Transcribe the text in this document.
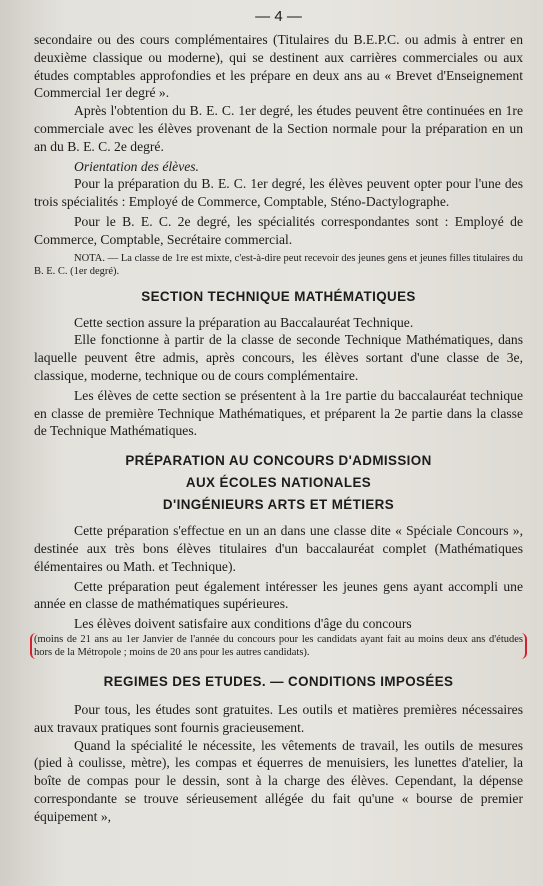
— 4 —

secondaire ou des cours complémentaires (Titulaires du B.E.P.C. ou admis à entrer en deuxième classique ou moderne), qui se destinent aux carrières commerciales ou aux études comptables approfondies et les prépare en deux ans au « Brevet d'Enseignement Commercial 1er degré ».

Après l'obtention du B. E. C. 1er degré, les études peuvent être continuées en 1re commerciale avec les élèves provenant de la Section normale pour la préparation en un an du B. E. C. 2e degré.

Orientation des élèves.

Pour la préparation du B. E. C. 1er degré, les élèves peuvent opter pour l'une des trois spécialités : Employé de Commerce, Comptable, Sténo-Dactylographe.

Pour le B. E. C. 2e degré, les spécialités correspondantes sont : Employé de Commerce, Comptable, Secrétaire commercial.

NOTA. — La classe de 1re est mixte, c'est-à-dire peut recevoir des jeunes gens et jeunes filles titulaires du B. E. C. (1er degré).

SECTION TECHNIQUE MATHÉMATIQUES

Cette section assure la préparation au Baccalauréat Technique.

Elle fonctionne à partir de la classe de seconde Technique Mathématiques, dans laquelle peuvent être admis, après concours, les élèves sortant d'une classe de 3e, classique, moderne, technique ou de cours complémentaire.

Les élèves de cette section se présentent à la 1re partie du baccalauréat technique en classe de première Technique Mathématiques, et préparent la 2e partie dans la classe de Technique Mathématiques.

PRÉPARATION AU CONCOURS D'ADMISSION
AUX ÉCOLES NATIONALES
D'INGÉNIEURS ARTS ET MÉTIERS

Cette préparation s'effectue en un an dans une classe dite « Spéciale Concours », destinée aux très bons élèves titulaires d'un baccalauréat complet (Mathématiques élémentaires ou Math. et Technique).

Cette préparation peut également intéresser les jeunes gens ayant accompli une année en classe de mathématiques supérieures.

Les élèves doivent satisfaire aux conditions d'âge du concours

(moins de 21 ans au 1er Janvier de l'année du concours pour les candidats ayant fait au moins deux ans d'études hors de la Métropole ; moins de 20 ans pour les autres candidats).

REGIMES DES ETUDES. — CONDITIONS IMPOSÉES

Pour tous, les études sont gratuites. Les outils et matières premières nécessaires aux travaux pratiques sont fournis gracieusement.

Quand la spécialité le nécessite, les vêtements de travail, les outils de mesures (pied à coulisse, mètre), les compas et équerres de menuisiers, les lunettes d'atelier, la boîte de compas pour le dessin, sont à la charge des élèves. Cependant, la dépense correspondante se trouve sérieusement allégée du fait qu'une « bourse de premier équipement »,
